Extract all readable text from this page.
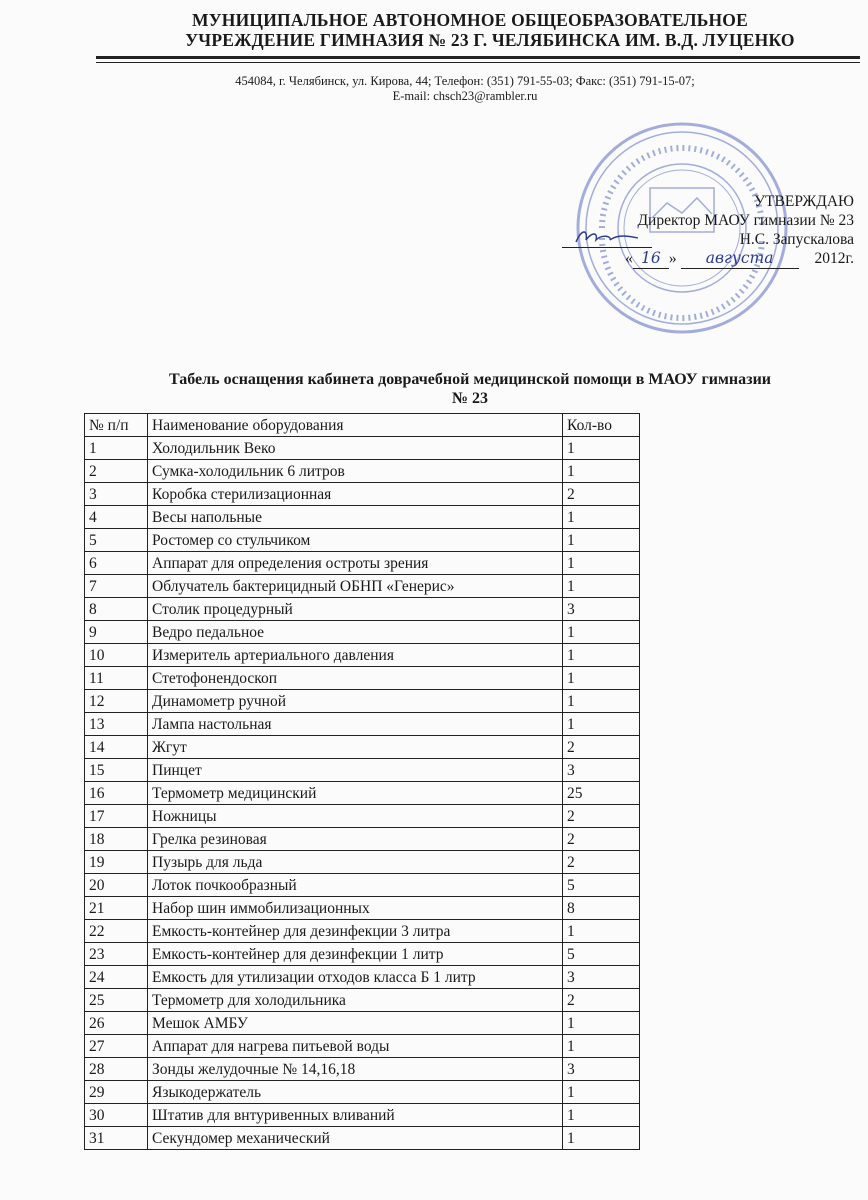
МУНИЦИПАЛЬНОЕ АВТОНОМНОЕ ОБЩЕОБРАЗОВАТЕЛЬНОЕ
УЧРЕЖДЕНИЕ ГИМНАЗИЯ № 23 Г. ЧЕЛЯБИНСКА ИМ. В.Д. ЛУЦЕНКО
454084, г. Челябинск, ул. Кирова, 44; Телефон: (351) 791-55-03; Факс: (351) 791-15-07;
E-mail: chsch23@rambler.ru
УТВЕРЖДАЮ
Директор МАОУ гимназии № 23
Н.С. Запускалова
« 16 » августа	2012г.
Табель оснащения кабинета доврачебной медицинской помощи в МАОУ гимназии
№ 23
№ п/п	Наименование оборудования	Кол-во
1	Холодильник Веко	1
2	Сумка-холодильник 6 литров	1
3	Коробка стерилизационная	2
4	Весы напольные	1
5	Ростомер со стульчиком	1
6	Аппарат для определения остроты зрения	1
7	Облучатель бактерицидный ОБНП «Генерис»	1
8	Столик процедурный	3
9	Ведро педальное	1
10	Измеритель артериального давления	1
11	Стетофонендоскоп	1
12	Динамометр ручной	1
13	Лампа настольная	1
14	Жгут	2
15	Пинцет	3
16	Термометр медицинский	25
17	Ножницы	2
18	Грелка резиновая	2
19	Пузырь для льда	2
20	Лоток почкообразный	5
21	Набор шин иммобилизационных	8
22	Емкость-контейнер для дезинфекции 3 литра	1
23	Емкость-контейнер для дезинфекции 1 литр	5
24	Емкость для утилизации отходов класса Б 1 литр	3
25	Термометр для холодильника	2
26	Мешок АМБУ	1
27	Аппарат для нагрева питьевой воды	1
28	Зонды желудочные № 14,16,18	3
29	Языкодержатель	1
30	Штатив для внтуривенных вливаний	1
31	Секундомер механический	1
